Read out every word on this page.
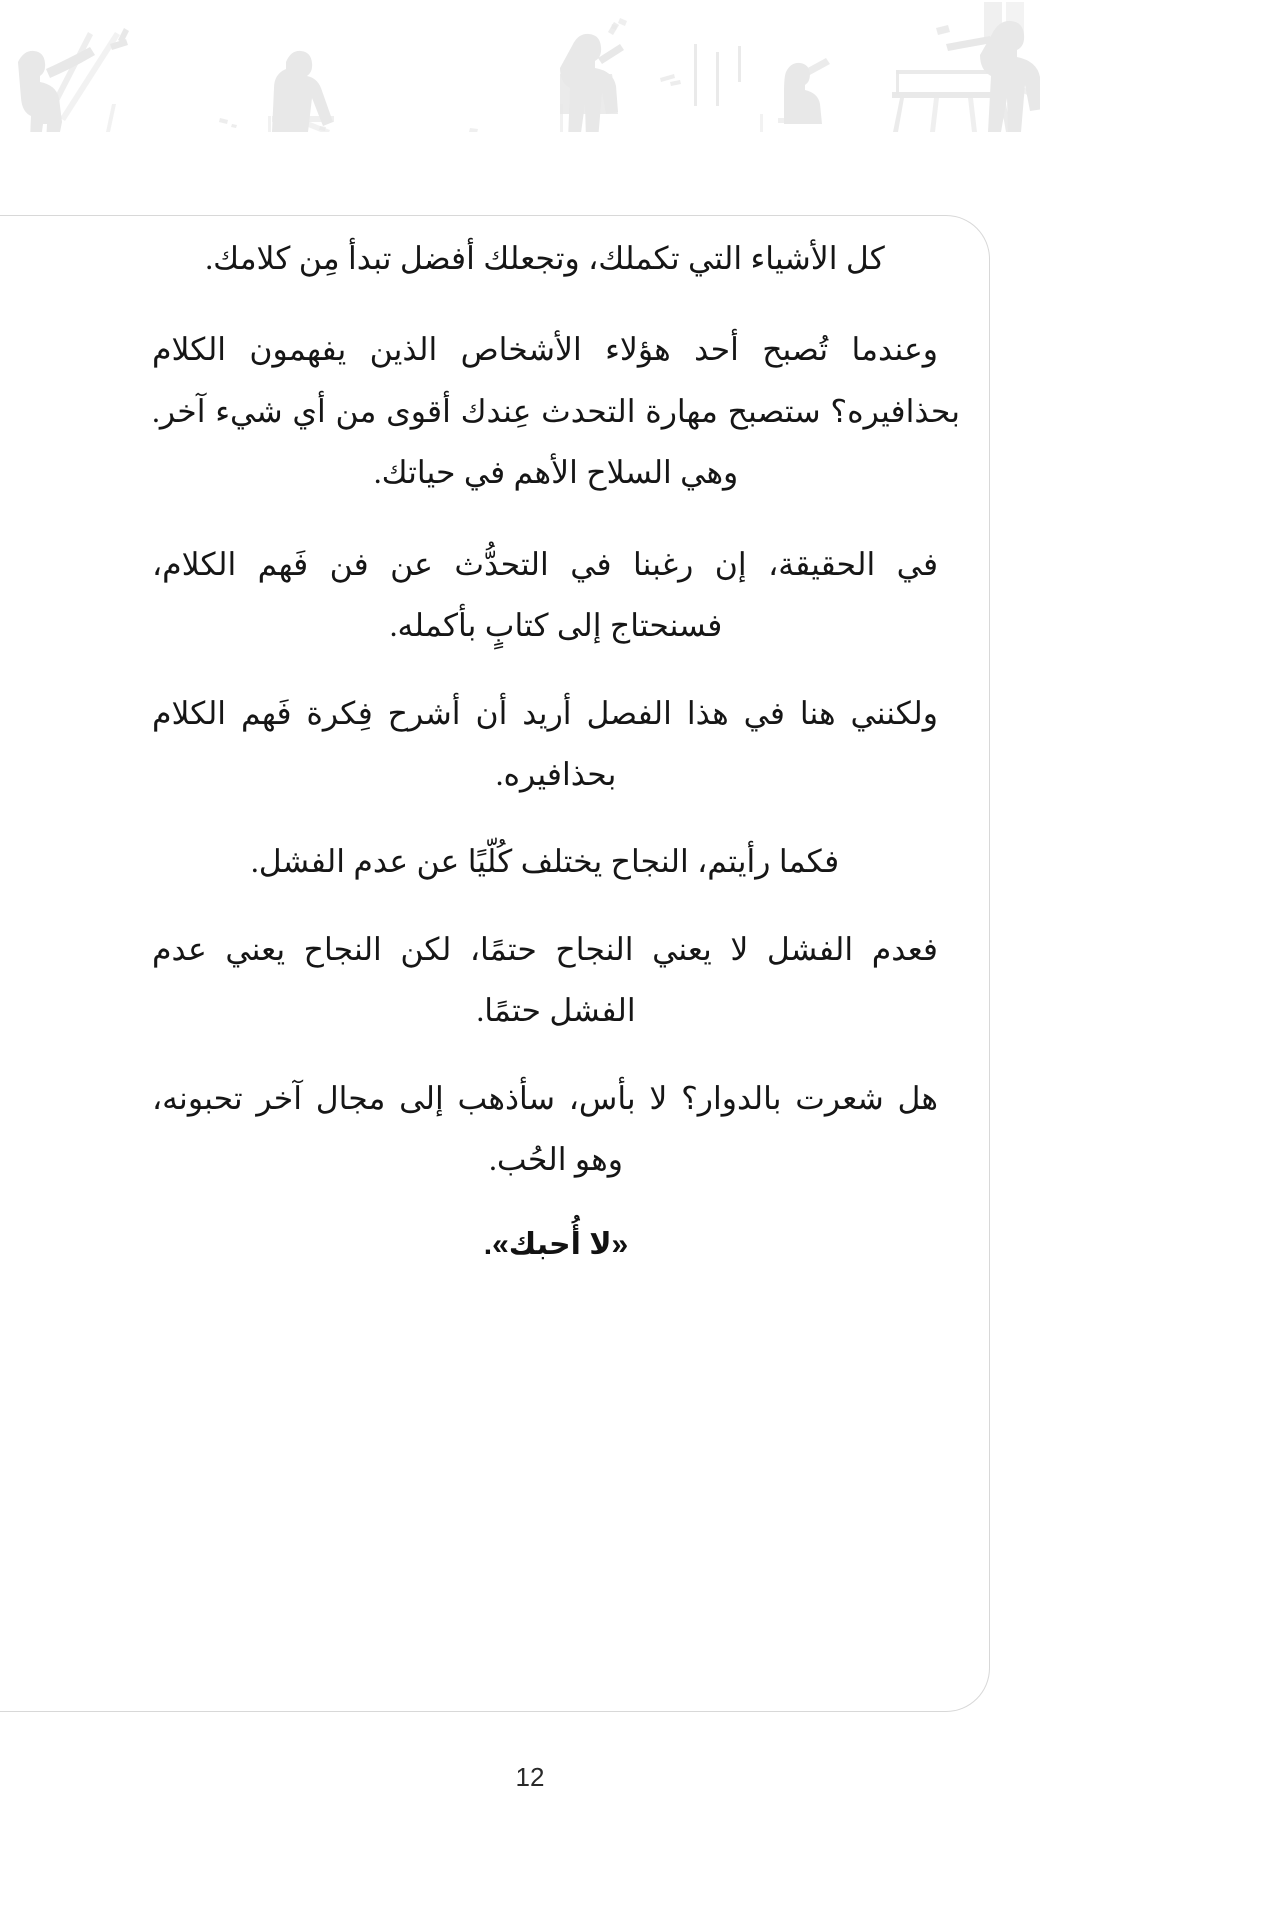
كل الأشياء التي تكملك، وتجعلك أفضل تبدأ مِن كلامك.

وعندما تُصبح أحد هؤلاء الأشخاص الذين يفهمون الكلام بحذافيره؟ ستصبح مهارة التحدث عِندك أقوى من أي شيء آخر. وهي السلاح الأهم في حياتك.

في الحقيقة، إن رغبنا في التحدُّث عن فن فَهم الكلام، فسنحتاج إلى كتابٍ بأكمله.

ولكنني هنا في هذا الفصل أريد أن أشرح فِكرة فَهم الكلام بحذافيره.

فكما رأيتم، النجاح يختلف كُلّيًا عن عدم الفشل.

فعدم الفشل لا يعني النجاح حتمًا، لكن النجاح يعني عدم الفشل حتمًا.

هل شعرت بالدوار؟ لا بأس، سأذهب إلى مجال آخر تحبونه، وهو الحُب.

«لا أُحبك».

12
